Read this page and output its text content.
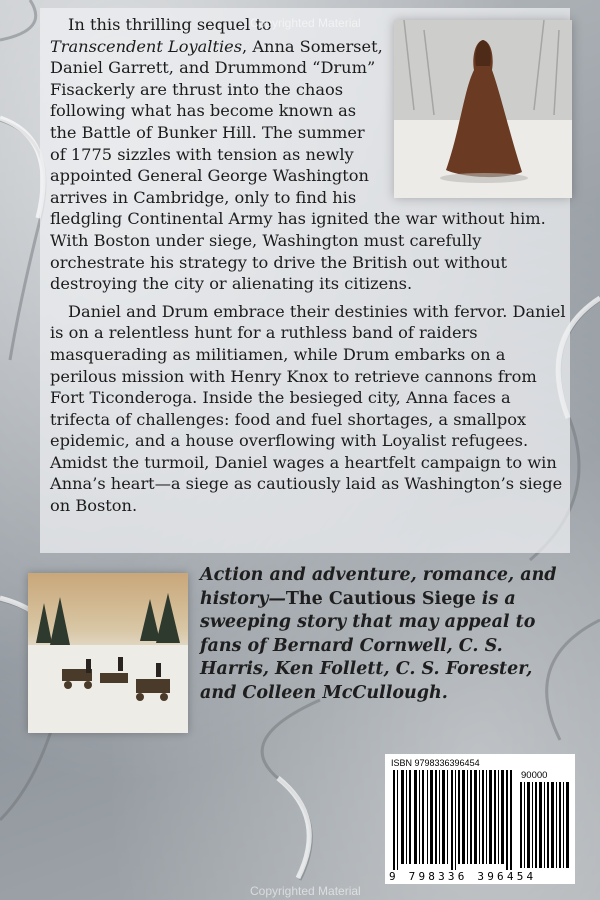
In this thrilling sequel to Transcendent Loyalties, Anna Somerset, Daniel Garrett, and Drummond “Drum” Fisackerly are thrust into the chaos following what has become known as the Battle of Bunker Hill. The summer of 1775 sizzles with tension as newly appointed General George Washington arrives in Cambridge, only to find his fledgling Continental Army has ignited the war without him. With Boston under siege, Washington must carefully orchestrate his strategy to drive the British out without destroying the city or alienating its citizens.

Daniel and Drum embrace their destinies with fervor. Daniel is on a relentless hunt for a ruthless band of raiders masquerading as militiamen, while Drum embarks on a perilous mission with Henry Knox to retrieve cannons from Fort Ticonderoga. Inside the besieged city, Anna faces a trifecta of challenges: food and fuel shortages, a smallpox epidemic, and a house overflowing with Loyalist refugees. Amidst the turmoil, Daniel wages a heartfelt campaign to win Anna’s heart—a siege as cautiously laid as Washington’s siege on Boston.

Action and adventure, romance, and history—The Cautious Siege is a sweeping story that may appeal to fans of Bernard Cornwell, C. S. Harris, Ken Follett, C. S. Forester, and Colleen McCullough.
ISBN 9798336396454
90000
9 798336 396454
Copyrighted Material
Copyrighted Material
